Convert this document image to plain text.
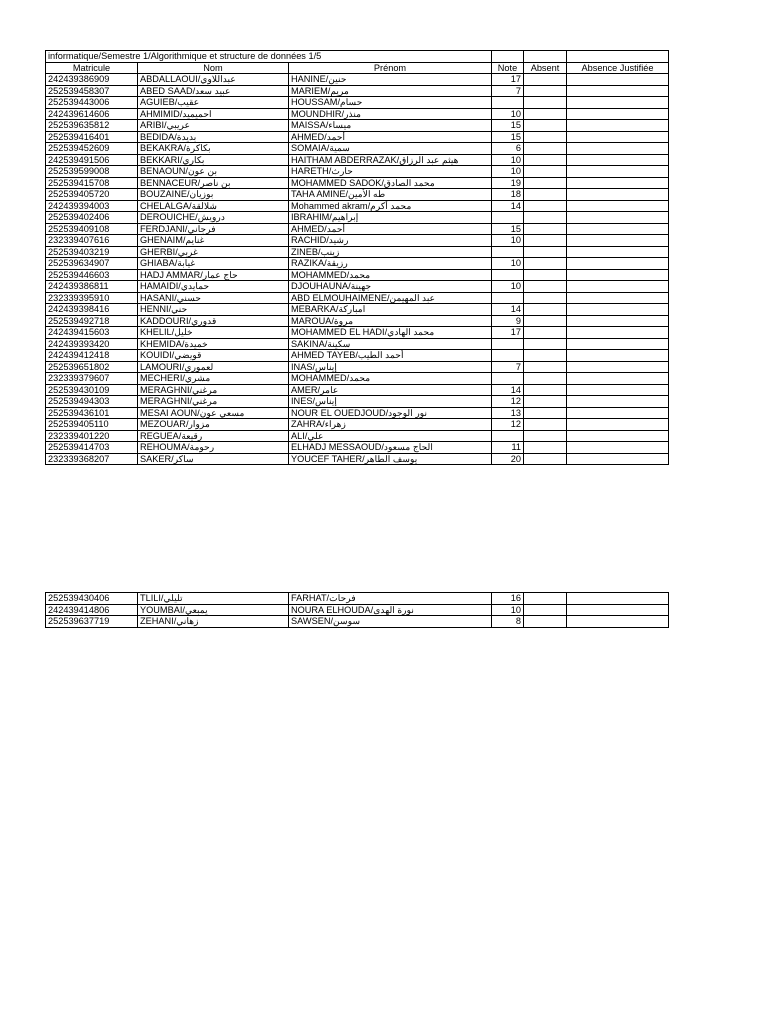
informatique/Semestre 1/Algorithmique et structure de données 1/5					
Matricule	Nom	Prénom	Note	Absent	Absence Justifiée
242439386909	ABDALLAOUI/عبداللاوي	HANINE/حنين	17		
252539458307	ABED SAAD/عبيد سعد	MARIEM/مريم	7		
252539443006	AGUIEB/عقيب	HOUSSAM/حسام			
242439614606	AHMIMID/احميميد	MOUNDHIR/منذر	10		
252539635812	ARIBI/عريبي	MAISSA/ميساء	15		
252539416401	BEDIDA/بديدة	AHMED/أحمد	15		
252539452609	BEKAKRA/بكاكرة	SOMAIA/سمية	6		
242539491506	BEKKARI/بكاري	HAITHAM ABDERRAZAK/هيثم عبد الرزاق	10		
252539599008	BENAOUN/بن عون	HARETH/حارث	10		
252539415708	BENNACEUR/بن ناصر	MOHAMMED SADOK/محمد الصادق	19		
252539405720	BOUZAINE/بوزيان	TAHA AMINE/طه الأمين	18		
242439394003	CHELALGA/شلالقة	Mohammed akram/محمد أكرم	14		
252539402406	DEROUICHE/درويش	IBRAHIM/إبراهيم			
252539409108	FERDJANI/فرجاني	AHMED/أحمد	15		
232339407616	GHENAIM/غنايم	RACHID/رشيد	10		
252539403219	GHERBI/غربي	ZINEB/زينب			
252539634907	GHIABA/غيابة	RAZIKA/رزيقة	10		
252539446603	HADJ AMMAR/حاج عمار	MOHAMMED/محمد			
242439386811	HAMAIDI/حمايدي	DJOUHAUNA/جهينة	10		
232339395910	HASANI/حسني	ABD ELMOUHAIMENE/عبد المهيمن			
242439398416	HENNI/حني	MEBARKA/امباركة	14		
252539492718	KADDOURI/قدوري	MAROUA/مروة	9		
242439415603	KHELIL/خليل	MOHAMMED EL HADI/محمد الهادي	17		
242439393420	KHEMIDA/خميدة	SAKINA/سكينة			
242439412418	KOUIDI/قويضي	AHMED TAYEB/أحمد الطيب			
252539651802	LAMOURI/لعموري	INAS/إيناس	7		
232339379607	MECHERI/مشري	MOHAMMED/محمد			
252539430109	MERAGHNI/مرغني	AMER/عامر	14		
252539494303	MERAGHNI/مرغني	INES/إيناس	12		
252539436101	MESAI AOUN/مسعي عون	NOUR EL OUEDJOUD/نور الوجود	13		
252539405110	MEZOUAR/مزوار	ZAHRA/زهراء	12		
232339401220	REGUEA/رقيعة	ALI/علي			
252539414703	REHOUMA/رحومة	ELHADJ MESSAOUD/الحاج مسعود	11		
232339368207	SAKER/ساكر	YOUCEF TAHER/يوسف الطاهر	20		
252539430406	TLILI/تليلي	FARHAT/فرحات	16		
242439414806	YOUMBAI/يمبعي	NOURA ELHOUDA/نورة الهدى	10		
252539637719	ZEHANI/زهاني	SAWSEN/سوسن	8		
